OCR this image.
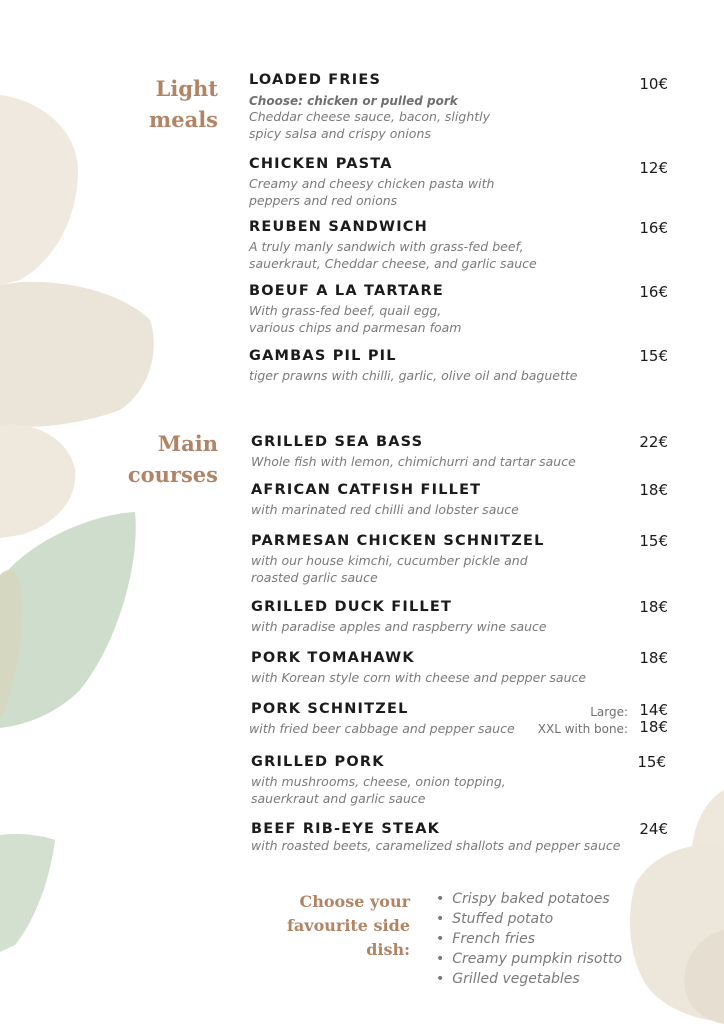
Light
meals
Main
courses
LOADED FRIES
Choose: chicken or pulled pork
Cheddar cheese sauce, bacon, slightly
spicy salsa and crispy onions
10€
CHICKEN PASTA
Creamy and cheesy chicken pasta with
peppers and red onions
12€
REUBEN SANDWICH
A truly manly sandwich with grass-fed beef,
sauerkraut, Cheddar cheese, and garlic sauce
16€
BOEUF A LA TARTARE
With grass-fed beef, quail egg,
various chips and parmesan foam
16€
GAMBAS PIL PIL
tiger prawns with chilli, garlic, olive oil and baguette
15€
GRILLED SEA BASS
Whole fish with lemon, chimichurri and tartar sauce
22€
AFRICAN CATFISH FILLET
with marinated red chilli and lobster sauce
18€
PARMESAN CHICKEN SCHNITZEL
with our house kimchi, cucumber pickle and
roasted garlic sauce
15€
GRILLED DUCK FILLET
with paradise apples and raspberry wine sauce
18€
PORK TOMAHAWK
with Korean style corn with cheese and pepper sauce
18€
PORK SCHNITZEL
with fried beer cabbage and pepper sauce
Large: 14€
XXL with bone: 18€
GRILLED PORK
with mushrooms, cheese, onion topping,
sauerkraut and garlic sauce
15€
BEEF RIB-EYE STEAK
with roasted beets, caramelized shallots and pepper sauce
24€
Choose your
favourite side dish:
• Crispy baked potatoes
• Stuffed potato
• French fries
• Creamy pumpkin risotto
• Grilled vegetables
